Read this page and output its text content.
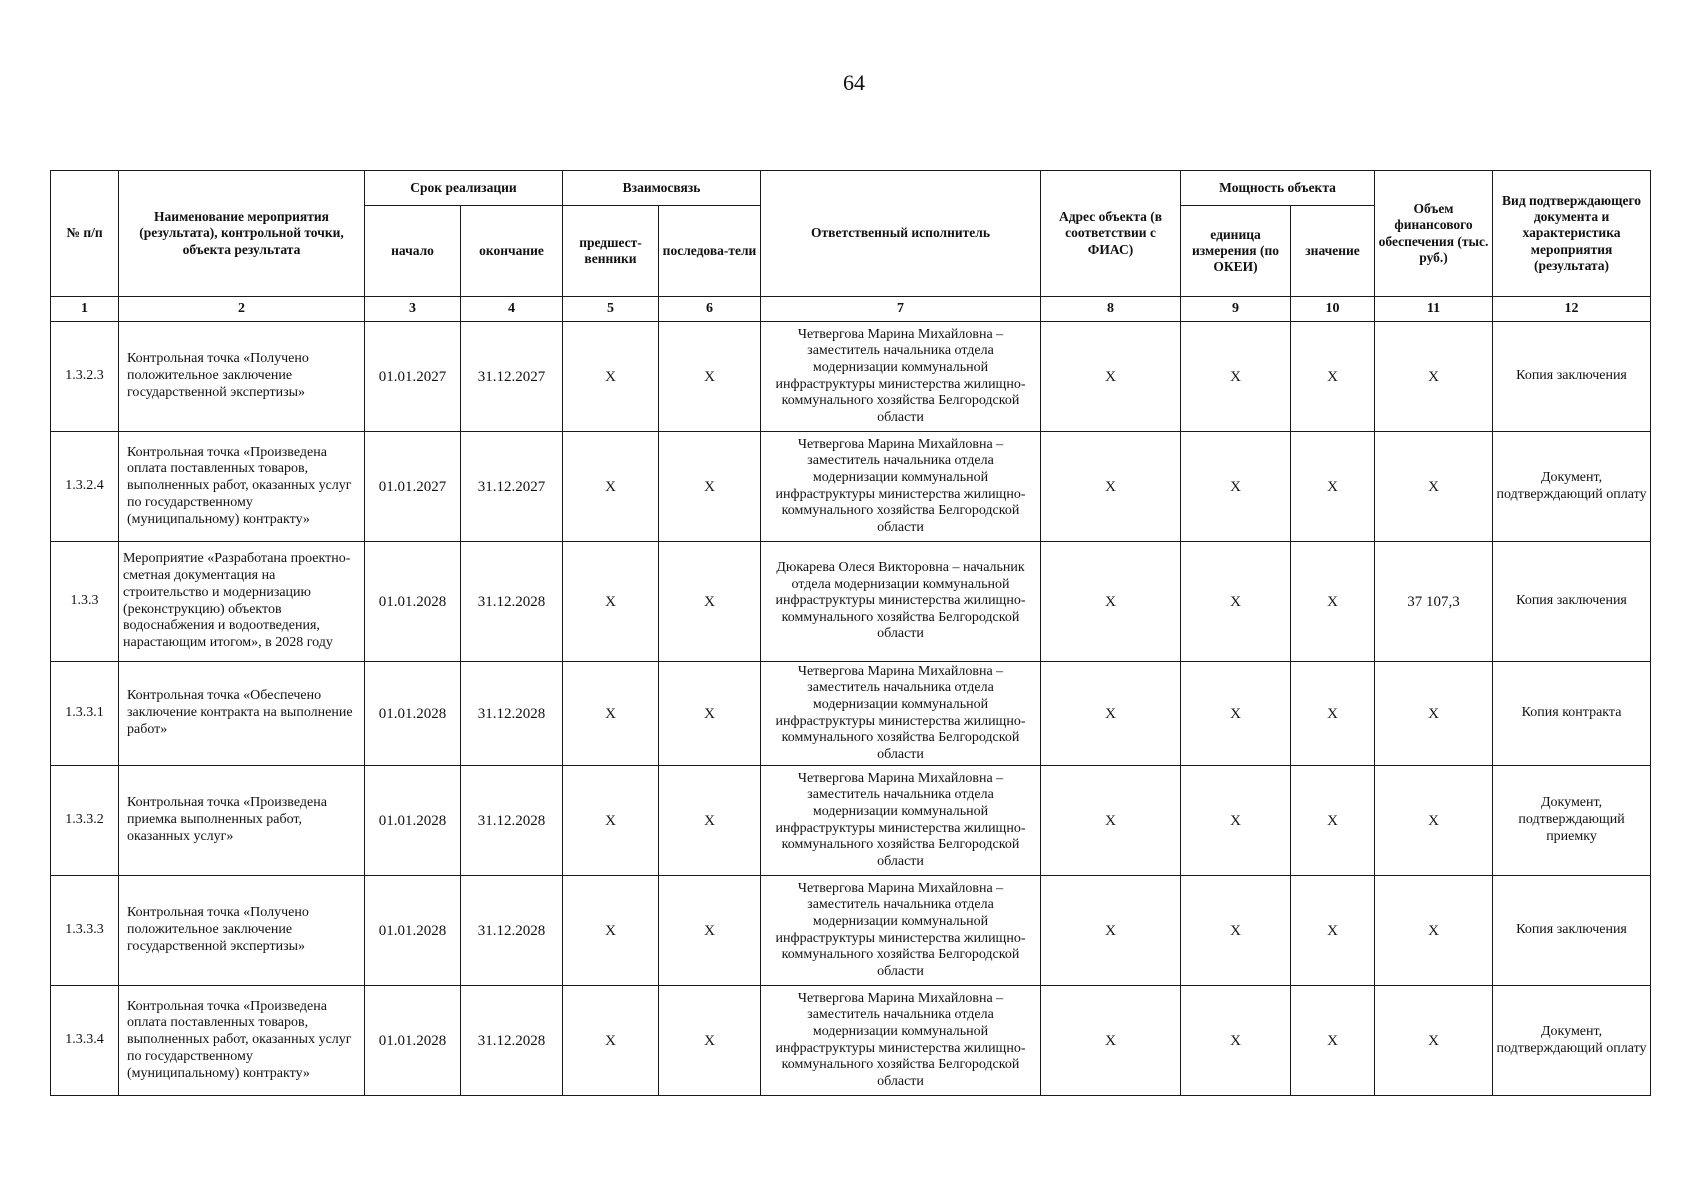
64
№ п/п	Наименование мероприятия (результата), контрольной точки, объекта результата	Срок реализации		Взаимосвязь		Ответственный исполнитель	Адрес объекта (в соответствии с ФИАС)	Мощность объекта		Объем финансового обеспечения (тыс. руб.)	Вид подтверждающего документа и характеристика мероприятия (результата)
		начало	окончание	предшест-венники	последова-тели			единица измерения (по ОКЕИ)	значение		
1	2	3	4	5	6	7	8	9	10	11	12
1.3.2.3	Контрольная точка «Получено положительное заключение государственной экспертизы»	01.01.2027	31.12.2027	X	X	Четвергова Марина Михайловна – заместитель начальника отдела модернизации коммунальной инфраструктуры министерства жилищно-коммунального хозяйства Белгородской области	X	X	X	X	Копия заключения
1.3.2.4	Контрольная точка «Произведена оплата поставленных товаров, выполненных работ, оказанных услуг по государственному (муниципальному) контракту»	01.01.2027	31.12.2027	X	X	Четвергова Марина Михайловна – заместитель начальника отдела модернизации коммунальной инфраструктуры министерства жилищно-коммунального хозяйства Белгородской области	X	X	X	X	Документ, подтверждающий оплату
1.3.3	Мероприятие «Разработана проектно-сметная документация на строительство и модернизацию (реконструкцию) объектов водоснабжения и водоотведения, нарастающим итогом», в 2028 году	01.01.2028	31.12.2028	X	X	Дюкарева Олеся Викторовна – начальник отдела модернизации коммунальной инфраструктуры министерства жилищно-коммунального хозяйства Белгородской области	X	X	X	37 107,3	Копия заключения
1.3.3.1	Контрольная точка «Обеспечено заключение контракта на выполнение работ»	01.01.2028	31.12.2028	X	X	Четвергова Марина Михайловна – заместитель начальника отдела модернизации коммунальной инфраструктуры министерства жилищно-коммунального хозяйства Белгородской области	X	X	X	X	Копия контракта
1.3.3.2	Контрольная точка «Произведена приемка выполненных работ, оказанных услуг»	01.01.2028	31.12.2028	X	X	Четвергова Марина Михайловна – заместитель начальника отдела модернизации коммунальной инфраструктуры министерства жилищно-коммунального хозяйства Белгородской области	X	X	X	X	Документ, подтверждающий приемку
1.3.3.3	Контрольная точка «Получено положительное заключение государственной экспертизы»	01.01.2028	31.12.2028	X	X	Четвергова Марина Михайловна – заместитель начальника отдела модернизации коммунальной инфраструктуры министерства жилищно-коммунального хозяйства Белгородской области	X	X	X	X	Копия заключения
1.3.3.4	Контрольная точка «Произведена оплата поставленных товаров, выполненных работ, оказанных услуг по государственному (муниципальному) контракту»	01.01.2028	31.12.2028	X	X	Четвергова Марина Михайловна – заместитель начальника отдела модернизации коммунальной инфраструктуры министерства жилищно-коммунального хозяйства Белгородской области	X	X	X	X	Документ, подтверждающий оплату
